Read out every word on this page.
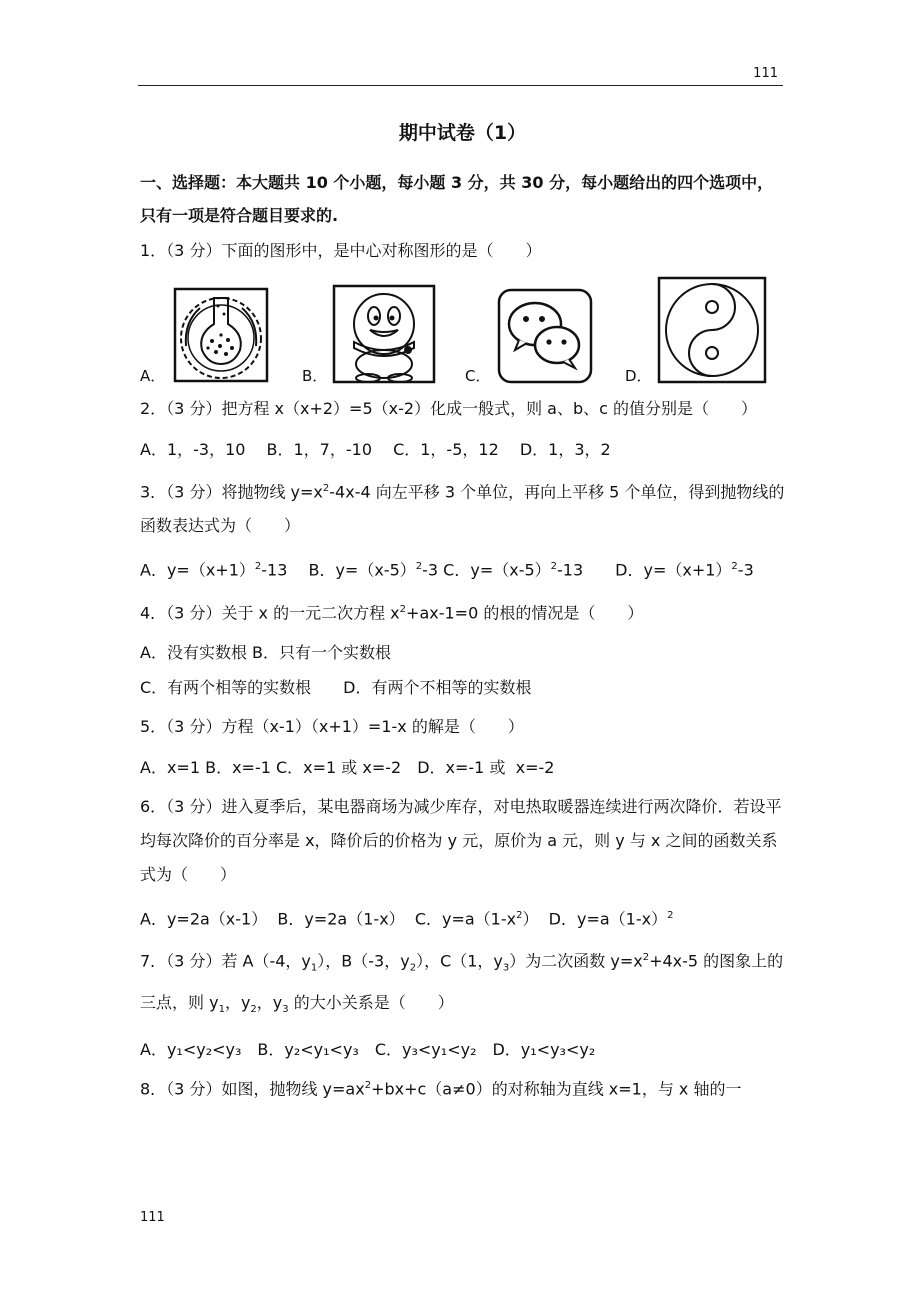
111
期中试卷（1）
一、选择题：本大题共 10 个小题，每小题 3 分，共 30 分，每小题给出的四个选项中，只有一项是符合题目要求的.
1．（3 分）下面的图形中，是中心对称图形的是（　　）
A．	B．	C．	D．
2．（3 分）把方程 x（x+2）=5（x-2）化成一般式，则 a、b、c 的值分别是（　　）
A．1，-3，10　 B．1，7，-10　 C．1，-5，12　 D．1，3，2
3．（3 分）将抛物线 $y=x^2-4x-4$ 向左平移 3 个单位，再向上平移 5 个单位，得到抛物线的函数表达式为（　　）
A．$y=(x+1)^2-13$　 B．$y=(x-5)^2-3$ C．$y=(x-5)^2-13$　　D．$y=(x+1)^2-3$
4．（3 分）关于 x 的一元二次方程 $x^2+ax-1=0$ 的根的情况是（　　）
A．没有实数根 B．只有一个实数根
C．有两个相等的实数根　　D．有两个不相等的实数根
5．（3 分）方程（x-1）（x+1）=1-x 的解是（　　）
A．x=1 B．x=-1 C．x=1 或 x=-2　D．x=-1 或  x=-2
6．（3 分）进入夏季后，某电器商场为减少库存，对电热取暖器连续进行两次降价．若设平均每次降价的百分率是 x，降价后的价格为 y 元，原价为 a 元，则 y 与 x 之间的函数关系式为（　　）
A．y=2a（x-1）  B．y=2a（1-x）  C．$y=a(1-x^2)$  D．$y=a(1-x)^2$
7．（3 分）若 A（-4，$y_1$），B（-3，$y_2$），C（1，$y_3$）为二次函数 $y=x^2+4x-5$ 的图象上的三点，则 $y_1$，$y_2$，$y_3$ 的大小关系是（　　）
A．y₁<y₂<y₃　B．y₂<y₁<y₃　C．y₃<y₁<y₂　D．y₁<y₃<y₂
8．（3 分）如图，抛物线 $y=ax^2+bx+c(a\ne 0)$的对称轴为直线 x=1，与 x 轴的一
111
